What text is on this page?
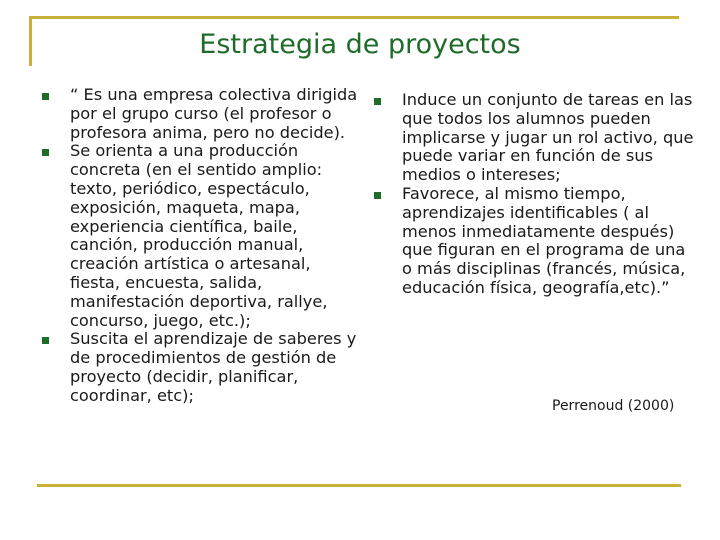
Estrategia de proyectos
“ Es una empresa colectiva dirigida por el grupo curso (el profesor o profesora anima, pero no decide).
Se orienta a una producción concreta (en el sentido amplio: texto, periódico, espectáculo, exposición, maqueta, mapa, experiencia científica, baile, canción, producción manual, creación artística o artesanal, fiesta, encuesta, salida, manifestación deportiva, rallye, concurso, juego, etc.);
Suscita el aprendizaje de saberes y de procedimientos de gestión de proyecto (decidir, planificar, coordinar, etc);
Induce un conjunto de tareas en las que todos los alumnos pueden implicarse y jugar un rol activo, que puede variar en función de sus medios o intereses;
Favorece, al mismo tiempo, aprendizajes identificables ( al menos inmediatamente después) que figuran en el programa de una o más disciplinas (francés, música, educación física, geografía,etc).”
Perrenoud (2000)
